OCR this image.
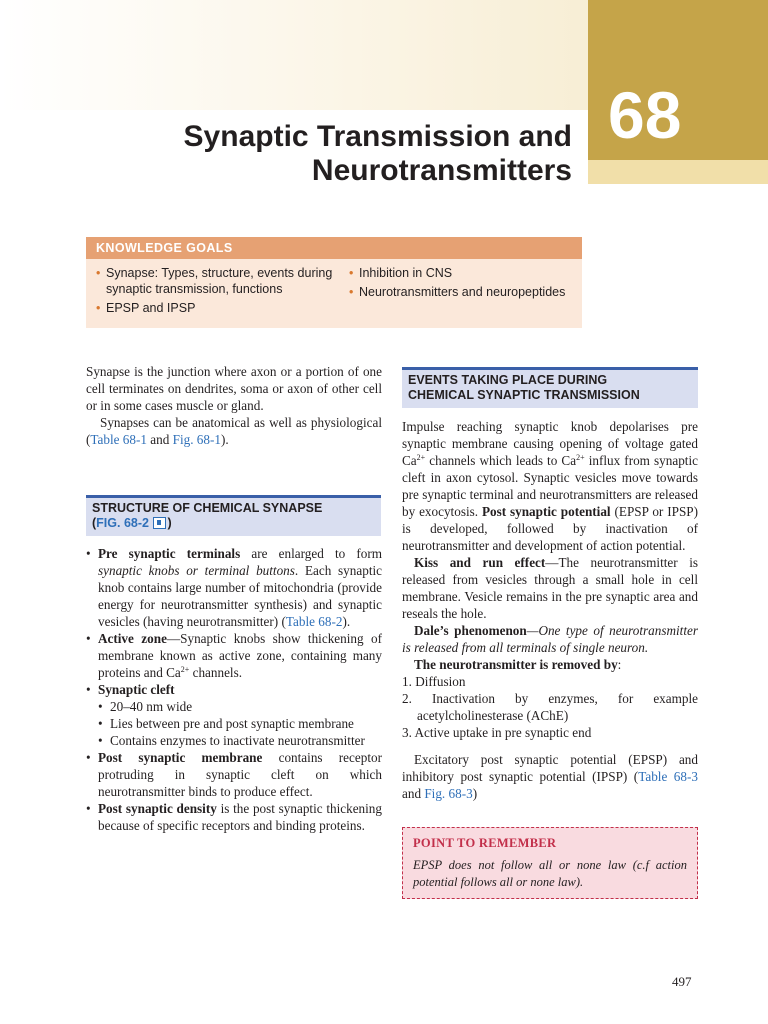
68
Synaptic Transmission and
Neurotransmitters
KNOWLEDGE GOALS
• Synapse: Types, structure, events during synaptic transmission, functions
• EPSP and IPSP
• Inhibition in CNS
• Neurotransmitters and neuropeptides

Synapse is the junction where axon or a portion of one cell terminates on dendrites, soma or axon of other cell or in some cases muscle or gland.

Synapses can be anatomical as well as physiological (Table 68-1 and Fig. 68-1).

STRUCTURE OF CHEMICAL SYNAPSE
(FIG. 68-2 )
• Pre synaptic terminals are enlarged to form synaptic knobs or terminal buttons. Each synaptic knob contains large number of mitochondria (provide energy for neurotransmitter synthesis) and synaptic vesicles (having neurotransmitter) (Table 68-2).
• Active zone—Synaptic knobs show thickening of membrane known as active zone, containing many proteins and $Ca^{2+}$ channels.
• Synaptic cleft
• 20–40 nm wide
• Lies between pre and post synaptic membrane
• Contains enzymes to inactivate neurotransmitter
• Post synaptic membrane contains receptor protruding in synaptic cleft on which neurotransmitter binds to produce effect.
• Post synaptic density is the post synaptic thickening because of specific receptors and binding proteins.
EVENTS TAKING PLACE DURING
CHEMICAL SYNAPTIC TRANSMISSION

Impulse reaching synaptic knob depolarises pre synaptic membrane causing opening of voltage gated $Ca^{2+}$ channels which leads to $Ca^{2+}$ influx from synaptic cleft in axon cytosol. Synaptic vesicles move towards pre synaptic terminal and neurotransmitters are released by exocytosis. Post synaptic potential (EPSP or IPSP) is developed, followed by inactivation of neurotransmitter and development of action potential.

Kiss and run effect—The neurotransmitter is released from vesicles through a small hole in cell membrane. Vesicle remains in the pre synaptic area and reseals the hole.

Dale’s phenomenon—One type of neurotransmitter is released from all terminals of single neuron.

The neurotransmitter is removed by:

1. Diffusion
2. Inactivation by enzymes, for example acetylcholinesterase (AChE)
3. Active uptake in pre synaptic end

Excitatory post synaptic potential (EPSP) and inhibitory post synaptic potential (IPSP) (Table 68-3 and Fig. 68-3)

POINT TO REMEMBER
EPSP does not follow all or none law (c.f action potential follows all or none law).
497
